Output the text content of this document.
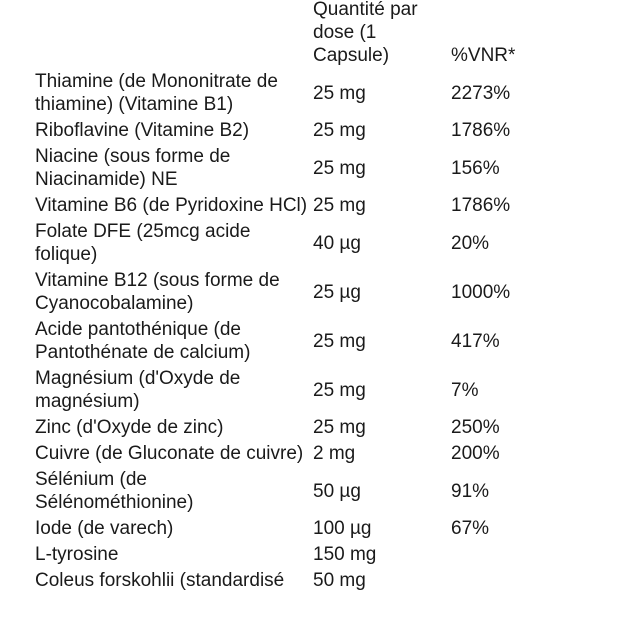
	Quantité par dose (1 Capsule)	%VNR*
Thiamine (de Mononitrate de thiamine) (Vitamine B1)	25 mg	2273%
Riboflavine (Vitamine B2)	25 mg	1786%
Niacine (sous forme de Niacinamide) NE	25 mg	156%
Vitamine B6 (de Pyridoxine HCl)	25 mg	1786%
Folate DFE (25mcg acide folique)	40 µg	20%
Vitamine B12 (sous forme de Cyanocobalamine)	25 µg	1000%
Acide pantothénique (de Pantothénate de calcium)	25 mg	417%
Magnésium (d'Oxyde de magnésium)	25 mg	7%
Zinc (d'Oxyde de zinc)	25 mg	250%
Cuivre (de Gluconate de cuivre)	2 mg	200%
Sélénium (de Sélénométhionine)	50 µg	91%
Iode (de varech)	100 µg	67%
L-tyrosine	150 mg	
Coleus forskohlii (standardisé	50 mg	
